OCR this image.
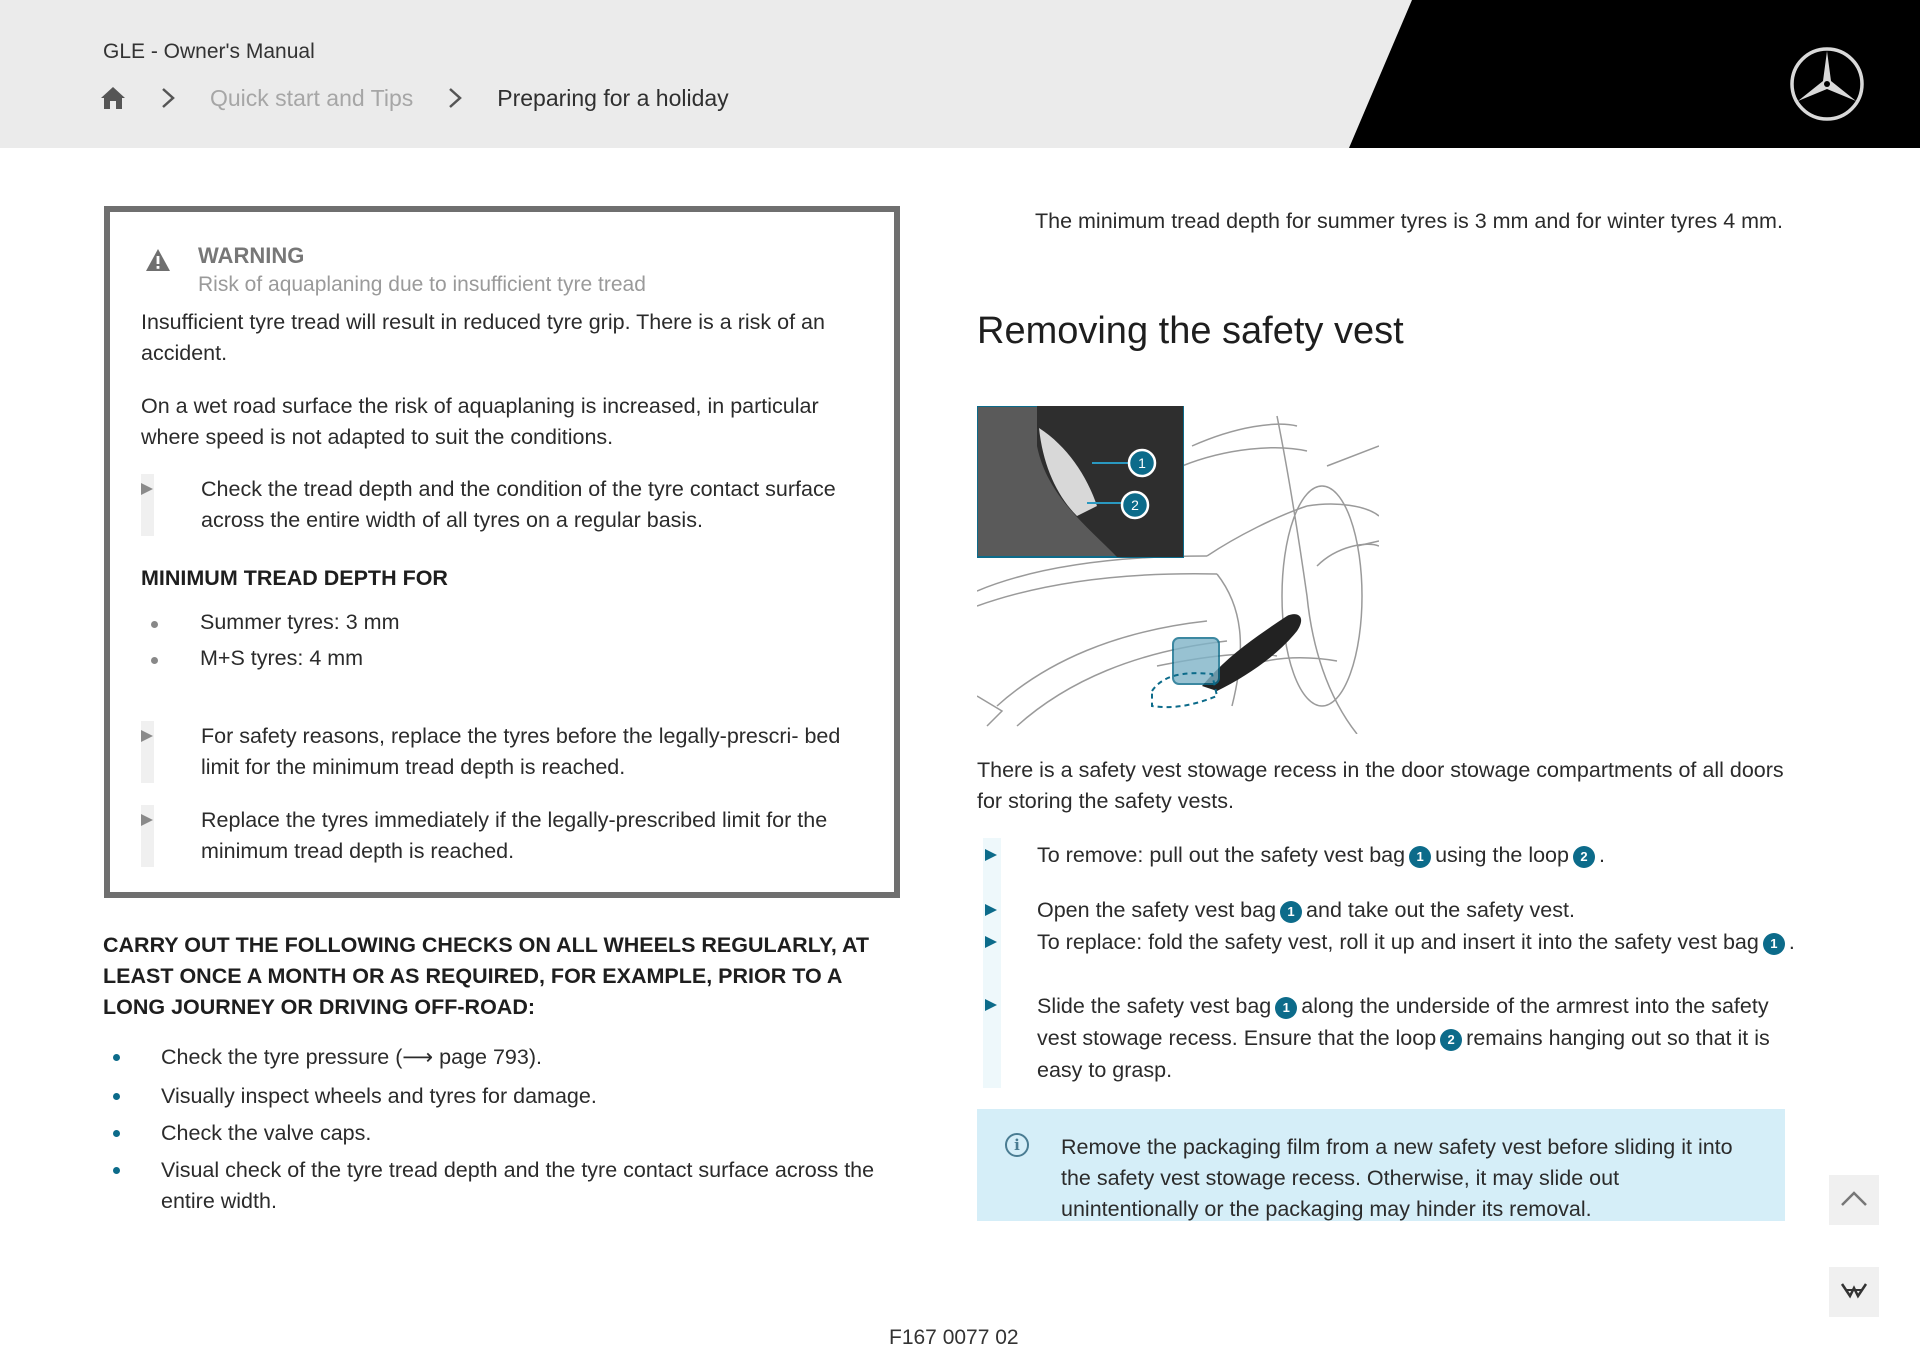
GLE - Owner's Manual
Quick start and Tips	Preparing for a holiday
WARNING
Risk of aquaplaning due to insufficient tyre tread
Insufficient tyre tread will result in reduced tyre grip. There is a risk of an accident.
On a wet road surface the risk of aquaplaning is increased, in particular where speed is not adapted to suit the conditions.
Check the tread depth and the condition of the tyre contact surface across the entire width of all tyres on a regular basis.
MINIMUM TREAD DEPTH FOR
Summer tyres: 3 mm
M+S tyres: 4 mm
For safety reasons, replace the tyres before the legally-prescri- bed limit for the minimum tread depth is reached.
Replace the tyres immediately if the legally-prescribed limit for the minimum tread depth is reached.
CARRY OUT THE FOLLOWING CHECKS ON ALL WHEELS REGULARLY, AT LEAST ONCE A MONTH OR AS REQUIRED, FOR EXAMPLE, PRIOR TO A LONG JOURNEY OR DRIVING OFF-ROAD:
Check the tyre pressure (⟶ page 793).
Visually inspect wheels and tyres for damage.
Check the valve caps.
Visual check of the tyre tread depth and the tyre contact surface across the entire width.
The minimum tread depth for summer tyres is 3 mm and for winter tyres 4 mm.
Removing the safety vest
1
2
There is a safety vest stowage recess in the door stowage compartments of all doors for storing the safety vests.
To remove: pull out the safety vest bag 1 using the loop 2 .
Open the safety vest bag 1 and take out the safety vest.
To replace: fold the safety vest, roll it up and insert it into the safety vest bag 1 .
Slide the safety vest bag 1 along the underside of the armrest into the safety vest stowage recess. Ensure that the loop 2 remains hanging out so that it is easy to grasp.
i	Remove the packaging film from a new safety vest before sliding it into the safety vest stowage recess. Otherwise, it may slide out unintentionally or the packaging may hinder its removal.
F167 0077 02
